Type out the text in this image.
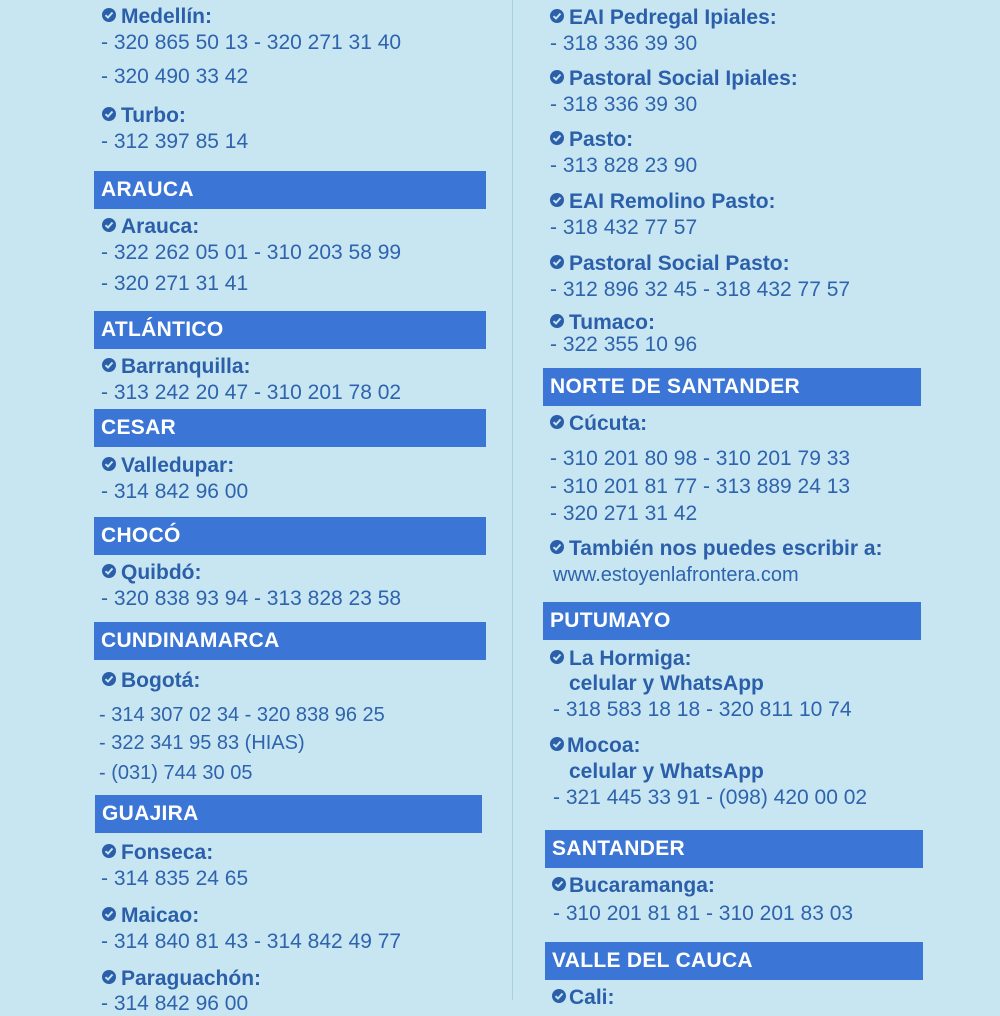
Medellín:
- 320 865 50 13 - 320 271 31 40
- 320 490 33 42
Turbo:
- 312 397 85 14
ARAUCA
Arauca:
- 322 262 05 01 - 310 203 58 99
- 320 271 31 41
ATLÁNTICO
Barranquilla:
- 313 242 20 47 - 310 201 78 02
CESAR
Valledupar:
- 314 842 96 00
CHOCÓ
Quibdó:
- 320 838 93 94 - 313 828 23 58
CUNDINAMARCA
Bogotá:
- 314 307 02 34 - 320 838 96 25
- 322 341 95 83 (HIAS)
- (031) 744 30 05
GUAJIRA
Fonseca:
- 314 835 24 65
Maicao:
- 314 840 81 43 - 314 842 49 77
Paraguachón:
- 314 842 96 00
EAI Pedregal Ipiales:
- 318 336 39 30
Pastoral Social Ipiales:
- 318 336 39 30
Pasto:
- 313 828 23 90
EAI Remolino Pasto:
- 318 432 77 57
Pastoral Social Pasto:
- 312 896 32 45 - 318 432 77 57
Tumaco:
- 322 355 10 96
NORTE DE SANTANDER
Cúcuta:
- 310 201 80 98 - 310 201 79 33
- 310 201 81 77 - 313 889 24 13
- 320 271 31 42
También nos puedes escribir a:
www.estoyenlafrontera.com
PUTUMAYO
La Hormiga:
celular y WhatsApp
- 318 583 18 18 - 320 811 10 74
Mocoa:
celular y WhatsApp
- 321 445 33 91 - (098) 420 00 02
SANTANDER
Bucaramanga:
- 310 201 81 81 - 310 201 83 03
VALLE DEL CAUCA
Cali:
